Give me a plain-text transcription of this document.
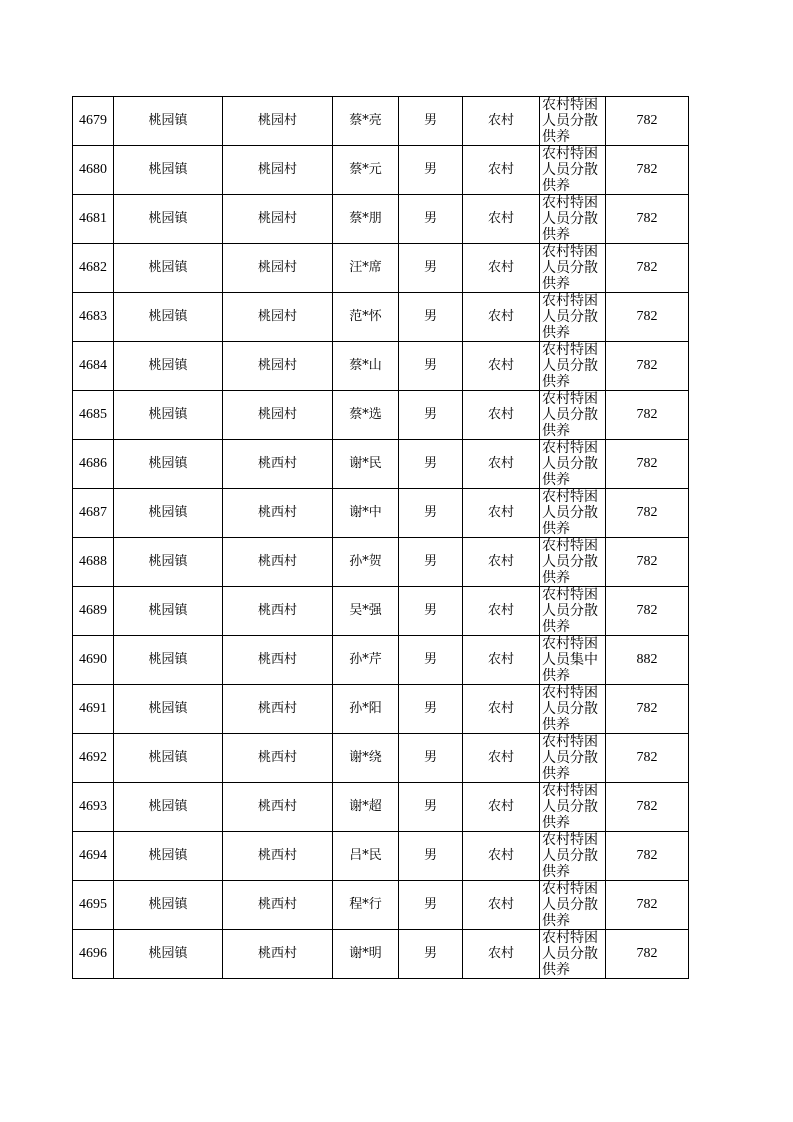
4679	桃园镇	桃园村	蔡*亮	男	农村	农村特困人员分散供养	782
4680	桃园镇	桃园村	蔡*元	男	农村	农村特困人员分散供养	782
4681	桃园镇	桃园村	蔡*朋	男	农村	农村特困人员分散供养	782
4682	桃园镇	桃园村	汪*席	男	农村	农村特困人员分散供养	782
4683	桃园镇	桃园村	范*怀	男	农村	农村特困人员分散供养	782
4684	桃园镇	桃园村	蔡*山	男	农村	农村特困人员分散供养	782
4685	桃园镇	桃园村	蔡*选	男	农村	农村特困人员分散供养	782
4686	桃园镇	桃西村	谢*民	男	农村	农村特困人员分散供养	782
4687	桃园镇	桃西村	谢*中	男	农村	农村特困人员分散供养	782
4688	桃园镇	桃西村	孙*贺	男	农村	农村特困人员分散供养	782
4689	桃园镇	桃西村	吴*强	男	农村	农村特困人员分散供养	782
4690	桃园镇	桃西村	孙*芹	男	农村	农村特困人员集中供养	882
4691	桃园镇	桃西村	孙*阳	男	农村	农村特困人员分散供养	782
4692	桃园镇	桃西村	谢*绕	男	农村	农村特困人员分散供养	782
4693	桃园镇	桃西村	谢*超	男	农村	农村特困人员分散供养	782
4694	桃园镇	桃西村	吕*民	男	农村	农村特困人员分散供养	782
4695	桃园镇	桃西村	程*行	男	农村	农村特困人员分散供养	782
4696	桃园镇	桃西村	谢*明	男	农村	农村特困人员分散供养	782
